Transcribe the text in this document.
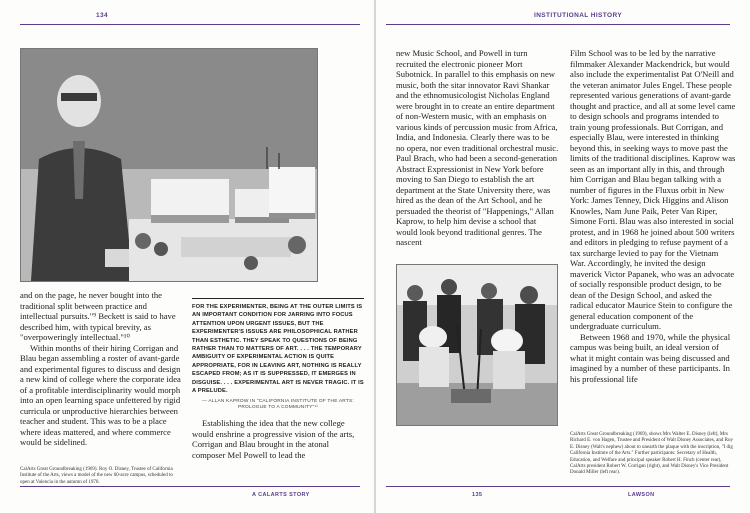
134
CalArts Great Groundbreaking (1969). Roy O. Disney, Trustee of California Institute of the Arts, views a model of the new 60-acre campus, scheduled to open at Valencia in the autumn of 1970.

and on the page, he never bought into the traditional split between practice and intellectual pursuits."⁹ Beckett is said to have described him, with typical brevity, as "overpoweringly intellectual."¹⁰

Within months of their hiring Corrigan and Blau began assembling a roster of avant-garde and experimental figures to discuss and design a new kind of college where the corporate idea of a profitable interdisciplinarity would morph into an open learning space unfettered by rigid curricula or unproductive hierarchies between teacher and student. This was to be a place where ideas mattered, and where commerce would be sidelined.

FOR THE EXPERIMENTER, BEING AT THE OUTER LIMITS IS AN IMPORTANT CONDITION FOR JARRING INTO FOCUS ATTENTION UPON URGENT ISSUES, BUT THE EXPERIMENTER'S ISSUES ARE PHILOSOPHICAL RATHER THAN ESTHETIC. THEY SPEAK TO QUESTIONS OF BEING RATHER THAN TO MATTERS OF ART. . . . THE TEMPORARY AMBIGUITY OF EXPERIMENTAL ACTION IS QUITE APPROPRIATE, FOR IN LEAVING ART, NOTHING IS REALLY ESCAPED FROM; AS IT IS SUPPRESSED, IT EMERGES IN DISGUISE. . . . EXPERIMENTAL ART IS NEVER TRAGIC. IT IS A PRELUDE.
— ALLAN KAPROW IN "CALIFORNIA INSTITUTE OF THE ARTS: PROLOGUE TO A COMMUNITY"¹¹

Establishing the idea that the new college would enshrine a progressive vision of the arts, Corrigan and Blau brought in the atonal composer Mel Powell to lead the

A CALARTS STORY
INSTITUTIONAL HISTORY

new Music School, and Powell in turn recruited the electronic pioneer Mort Subotnick. In parallel to this emphasis on new music, both the sitar innovator Ravi Shankar and the ethnomusicologist Nicholas England were brought in to create an entire department of non-Western music, with an emphasis on various kinds of percussion music from Africa, India, and Indonesia. Clearly there was to be no opera, nor even traditional orchestral music. Paul Brach, who had been a second-generation Abstract Expressionist in New York before moving to San Diego to establish the art department at the State University there, was hired as the dean of the Art School, and he persuaded the theorist of "Happenings," Allan Kaprow, to help him devise a school that would look beyond traditional genres. The nascent

CalArts Great Groundbreaking (1969), shows Mrs Walter E. Disney (left), Mrs Richard E. von Hagen, Trustee and President of Walt Disney Associates, and Roy E. Disney (Walt's nephew) about to unearth the plaque with the inscription, "I dig California Institute of the Arts." Further participants: Secretary of Health, Education, and Welfare and principal speaker Robert H. Finch (center rear), CalArts president Robert W. Corrigan (right), and Walt Disney's Vice President Donald Miller (left rear).

Film School was to be led by the narrative filmmaker Alexander Mackendrick, but would also include the experimentalist Pat O'Neill and the veteran animator Jules Engel. These people represented various generations of avant-garde thought and practice, and all at some level came to design schools and programs intended to train young professionals. But Corrigan, and especially Blau, were interested in thinking beyond this, in seeking ways to move past the limits of the traditional disciplines. Kaprow was seen as an important ally in this, and through him Corrigan and Blau began talking with a number of figures in the Fluxus orbit in New York: James Tenney, Dick Higgins and Alison Knowles, Nam June Paik, Peter Van Riper, Simone Forti. Blau was also interested in social protest, and in 1968 he joined about 500 writers and editors in pledging to refuse payment of a tax surcharge levied to pay for the Vietnam War. Accordingly, he invited the design maverick Victor Papanek, who was an advocate of socially responsible product design, to be dean of the Design School, and asked the radical educator Maurice Stein to configure the general education component of the undergraduate curriculum.

Between 1968 and 1970, while the physical campus was being built, an ideal version of what it might contain was being discussed and imagined by a number of these participants. In his professional life

135	LAWSON
